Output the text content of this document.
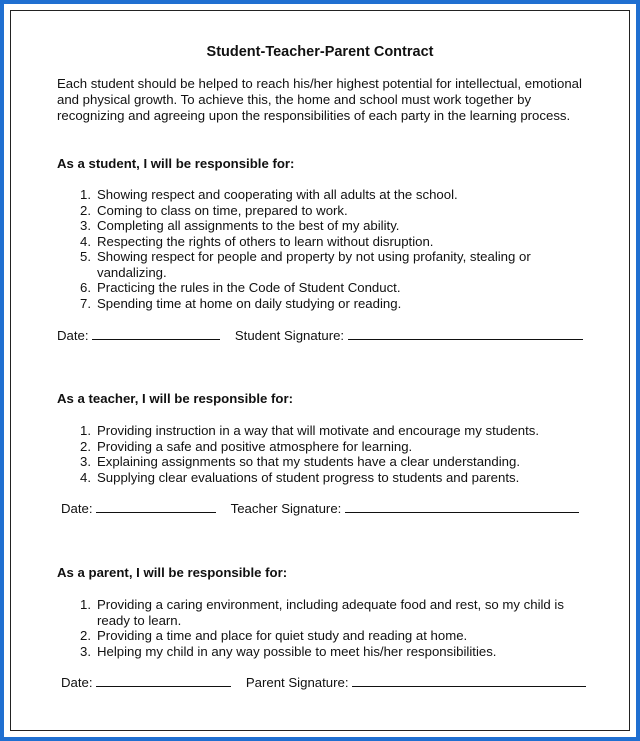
Student-Teacher-Parent Contract
Each student should be helped to reach his/her highest potential for intellectual, emotional and physical growth. To achieve this, the home and school must work together by recognizing and agreeing upon the responsibilities of each party in the learning process.
As a student, I will be responsible for:
1. Showing respect and cooperating with all adults at the school.
2. Coming to class on time, prepared to work.
3. Completing all assignments to the best of my ability.
4. Respecting the rights of others to learn without disruption.
5. Showing respect for people and property by not using profanity, stealing or vandalizing.
6. Practicing the rules in the Code of Student Conduct.
7. Spending time at home on daily studying or reading.
Date:	Student Signature:
As a teacher, I will be responsible for:
1. Providing instruction in a way that will motivate and encourage my students.
2. Providing a safe and positive atmosphere for learning.
3. Explaining assignments so that my students have a clear understanding.
4. Supplying clear evaluations of student progress to students and parents.
Date:	Teacher Signature:
As a parent, I will be responsible for:
1. Providing a caring environment, including adequate food and rest, so my child is ready to learn.
2. Providing a time and place for quiet study and reading at home.
3. Helping my child in any way possible to meet his/her responsibilities.
Date:	Parent Signature:
